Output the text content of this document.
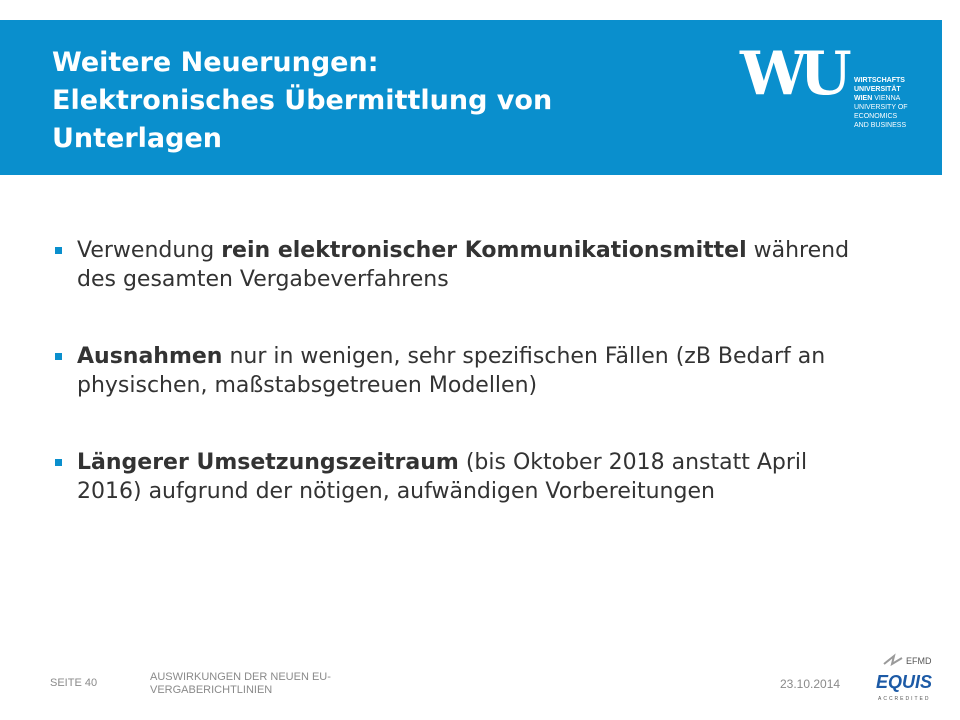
Weitere Neuerungen:
Elektronisches Übermittlung von
Unterlagen
WU WIRTSCHAFTS
UNIVERSITÄT
WIEN VIENNA
UNIVERSITY OF
ECONOMICS
AND BUSINESS
Verwendung rein elektronischer Kommunikationsmittel während des gesamten Vergabeverfahrens
Ausnahmen nur in wenigen, sehr spezifischen Fällen (zB Bedarf an physischen, maßstabsgetreuen Modellen)
Längerer Umsetzungszeitraum (bis Oktober 2018 anstatt April 2016) aufgrund der nötigen, aufwändigen Vorbereitungen
SEITE 40	AUSWIRKUNGEN DER NEUEN EU-VERGABERICHTLINIEN	23.10.2014
EFMD
EQUIS
ACCREDITED
